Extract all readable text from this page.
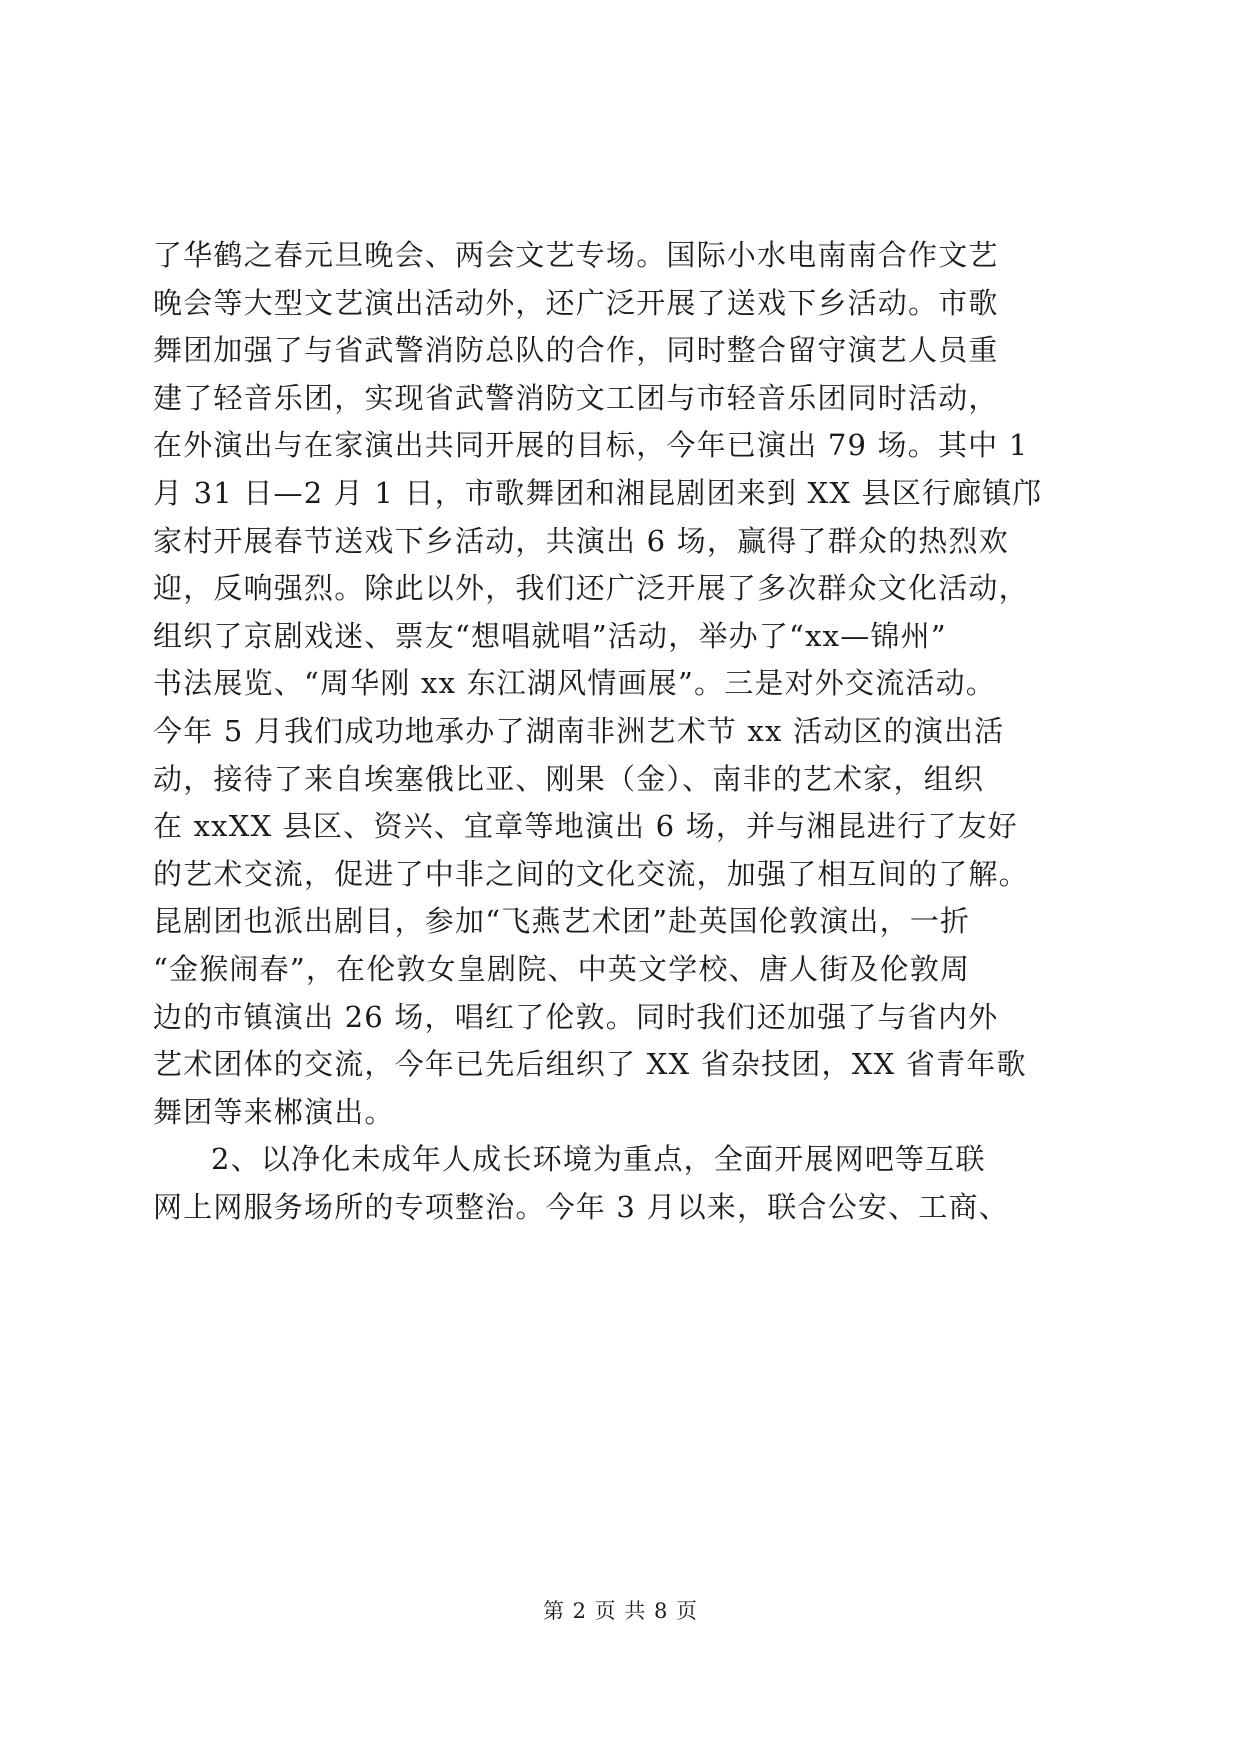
了华鹤之春元旦晚会、两会文艺专场。国际小水电南南合作文艺
晚会等大型文艺演出活动外，还广泛开展了送戏下乡活动。市歌
舞团加强了与省武警消防总队的合作，同时整合留守演艺人员重
建了轻音乐团，实现省武警消防文工团与市轻音乐团同时活动，
在外演出与在家演出共同开展的目标，今年已演出 79 场。其中 1
月 31 日—2 月 1 日，市歌舞团和湘昆剧团来到 XX 县区行廊镇邝
家村开展春节送戏下乡活动，共演出 6 场，赢得了群众的热烈欢
迎，反响强烈。除此以外，我们还广泛开展了多次群众文化活动，
组织了京剧戏迷、票友“想唱就唱”活动，举办了“xx—锦州”
书法展览、“周华刚 xx 东江湖风情画展”。三是对外交流活动。
今年 5 月我们成功地承办了湖南非洲艺术节 xx 活动区的演出活
动，接待了来自埃塞俄比亚、刚果（金）、南非的艺术家，组织
在 xxXX 县区、资兴、宜章等地演出 6 场，并与湘昆进行了友好
的艺术交流，促进了中非之间的文化交流，加强了相互间的了解。
昆剧团也派出剧目，参加“飞燕艺术团”赴英国伦敦演出，一折
“金猴闹春”，在伦敦女皇剧院、中英文学校、唐人街及伦敦周
边的市镇演出 26 场，唱红了伦敦。同时我们还加强了与省内外
艺术团体的交流，今年已先后组织了 XX 省杂技团，XX 省青年歌
舞团等来郴演出。
2、以净化未成年人成长环境为重点，全面开展网吧等互联
网上网服务场所的专项整治。今年 3 月以来，联合公安、工商、
第 2 页 共 8 页
